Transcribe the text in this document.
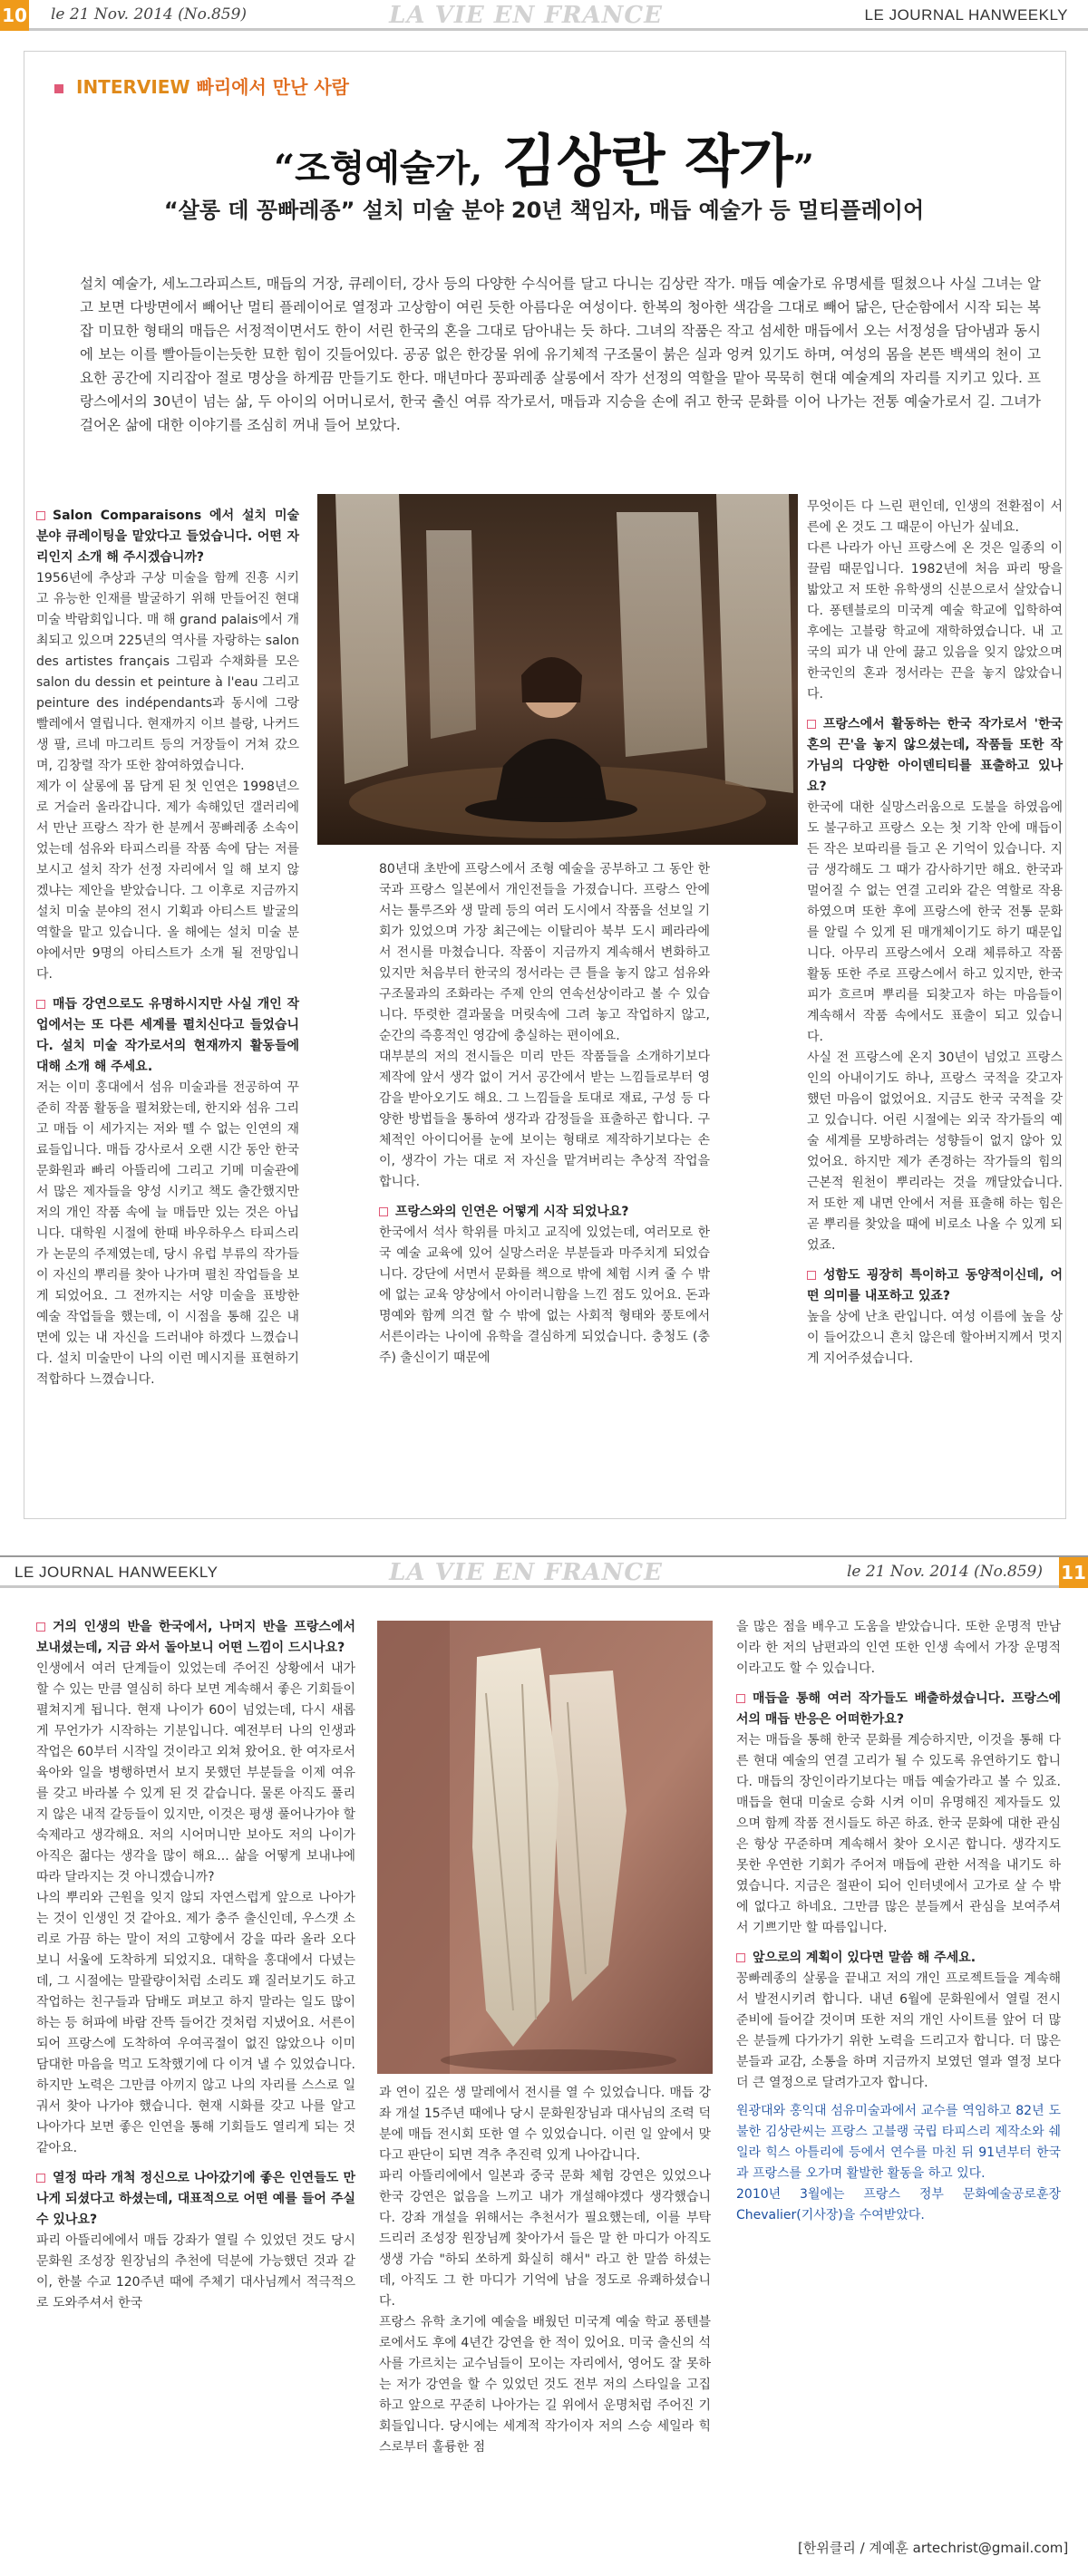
10 le 21 Nov. 2014 (No.859)	LA VIE EN FRANCE	LE JOURNAL HANWEEKLY
INTERVIEW 빠리에서 만난 사람
“조형예술가, 김상란 작가”
“살롱 데 꽁빠레종” 설치 미술 분야 20년 책임자, 매듭 예술가 등 멀티플레이어
설치 예술가, 세노그라피스트, 매듭의 거장, 큐레이터, 강사 등의 다양한 수식어를 달고 다니는 김상란 작가. 매듭 예술가로 유명세를 떨쳤으나 사실 그녀는 알고 보면 다방면에서 빼어난 멀티 플레이어로 열정과 고상함이 여린 듯한 아름다운 여성이다. 한복의 청아한 색감을 그대로 빼어 닮은, 단순함에서 시작 되는 복잡 미묘한 형태의 매듭은 서정적이면서도 한이 서린 한국의 혼을 그대로 담아내는 듯 하다. 그녀의 작품은 작고 섬세한 매듭에서 오는 서정성을 담아냄과 동시에 보는 이를 빨아들이는듯한 묘한 힘이 깃들어있다. 공공 없은 한강물 위에 유기체적 구조물이 붉은 실과 엉켜 있기도 하며, 여성의 몸을 본뜬 백색의 천이 고요한 공간에 지리잡아 절로 명상을 하게끔 만들기도 한다. 매년마다 꽁파레종 살롱에서 작가 선정의 역할을 맡아 묵묵히 현대 예술계의 자리를 지키고 있다. 프랑스에서의 30년이 넘는 삶, 두 아이의 어머니로서, 한국 출신 여류 작가로서, 매듭과 지승을 손에 쥐고 한국 문화를 이어 나가는 전통 예술가로서 길. 그녀가 걸어온 삶에 대한 이야기를 조심히 꺼내 들어 보았다.

Salon Comparaisons 에서 설치 미술 분야 큐레이팅을 맡았다고 들었습니다. 어떤 자리인지 소개 해 주시겠습니까?

1956년에 추상과 구상 미술을 함께 진흥 시키고 유능한 인재를 발굴하기 위해 만들어진 현대 미술 박람회입니다. 매 해 grand palais에서 개최되고 있으며 225년의 역사를 자랑하는 salon des artistes français 그림과 수채화를 모은 salon du dessin et peinture à l'eau 그리고 peinture des indépendants과 동시에 그랑빨레에서 열립니다. 현재까지 이브 블랑, 나커드 생 팔, 르네 마그리트 등의 거장들이 거쳐 갔으며, 김창렬 작가 또한 참여하였습니다.

제가 이 살롱에 몸 담게 된 첫 인연은 1998년으로 거슬러 올라갑니다. 제가 속해있던 갤러리에서 만난 프랑스 작가 한 분께서 꽁빠레종 소속이었는데 섬유와 타피스리를 작품 속에 담는 저를 보시고 설치 작가 선정 자리에서 일 해 보지 않겠냐는 제안을 받았습니다. 그 이후로 지금까지 설치 미술 분야의 전시 기획과 아티스트 발굴의 역할을 맡고 있습니다. 올 해에는 설치 미술 분야에서만 9명의 아티스트가 소개 될 전망입니다.

매듭 강연으로도 유명하시지만 사실 개인 작업에서는 또 다른 세계를 펼치신다고 들었습니다. 설치 미술 작가로서의 현재까지 활동들에 대해 소개 해 주세요.

저는 이미 홍대에서 섬유 미술과를 전공하여 꾸준히 작품 활동을 펼쳐왔는데, 한지와 섬유 그리고 매듭 이 세가지는 저와 뗄 수 없는 인연의 재료들입니다. 매듭 강사로서 오랜 시간 동안 한국 문화원과 빠리 아뜰리에 그리고 기메 미술관에서 많은 제자들을 양성 시키고 책도 출간했지만 저의 개인 작품 속에 늘 매듭만 있는 것은 아닙니다. 대학원 시절에 한때 바우하우스 타피스리가 논문의 주제였는데, 당시 유럽 부류의 작가들이 자신의 뿌리를 찾아 나가며 펼친 작업들을 보게 되었어요. 그 전까지는 서양 미술을 표방한 예술 작업들을 했는데, 이 시점을 통해 깊은 내면에 있는 내 자신을 드러내야 하겠다 느꼈습니다. 설치 미술만이 나의 이런 메시지를 표현하기 적합하다 느꼈습니다.

80년대 초반에 프랑스에서 조형 예술을 공부하고 그 동안 한국과 프랑스 일본에서 개인전들을 가졌습니다. 프랑스 안에서는 툴루즈와 생 말레 등의 여러 도시에서 작품을 선보일 기회가 있었으며 가장 최근에는 이탈리아 북부 도시 페라라에서 전시를 마쳤습니다. 작품이 지금까지 계속해서 변화하고 있지만 처음부터 한국의 정서라는 큰 틀을 놓지 않고 섬유와 구조물과의 조화라는 주제 안의 연속선상이라고 볼 수 있습니다. 뚜렷한 결과물을 머릿속에 그려 놓고 작업하지 않고, 순간의 즉흥적인 영감에 충실하는 편이에요.

대부분의 저의 전시들은 미리 만든 작품들을 소개하기보다 제작에 앞서 생각 없이 거서 공간에서 받는 느낌들로부터 영감을 받아오기도 해요. 그 느낌들을 토대로 재료, 구성 등 다양한 방법들을 통하여 생각과 감정들을 표출하곤 합니다. 구체적인 아이디어를 눈에 보이는 형태로 제작하기보다는 손이, 생각이 가는 대로 저 자신을 맡겨버리는 추상적 작업을 합니다.

프랑스와의 인연은 어떻게 시작 되었나요?

한국에서 석사 학위를 마치고 교직에 있었는데, 여러모로 한국 예술 교육에 있어 실망스러운 부분들과 마주치게 되었습니다. 강단에 서면서 문화를 책으로 밖에 체험 시켜 줄 수 밖에 없는 교육 양상에서 아이러니함을 느낀 점도 있어요. 돈과 명예와 함께 의견 할 수 밖에 없는 사회적 형태와 풍토에서 서른이라는 나이에 유학을 결심하게 되었습니다. 충청도 (충주) 출신이기 때문에

무엇이든 다 느린 편인데, 인생의 전환점이 서른에 온 것도 그 때문이 아닌가 싶네요.

다른 나라가 아닌 프랑스에 온 것은 일종의 이끌림 때문입니다. 1982년에 처음 파리 땅을 밟았고 저 또한 유학생의 신분으로서 살았습니다. 퐁텐블로의 미국계 예술 학교에 입학하여 후에는 고블랑 학교에 재학하였습니다. 내 고국의 피가 내 안에 끓고 있음을 잊지 않았으며 한국인의 혼과 정서라는 끈을 놓지 않았습니다.

프랑스에서 활동하는 한국 작가로서 '한국 혼의 끈'을 놓지 않으셨는데, 작품들 또한 작가님의 다양한 아이덴티티를 표출하고 있나요?

한국에 대한 실망스러움으로 도불을 하였음에도 불구하고 프랑스 오는 첫 기착 안에 매듭이 든 작은 보따리를 들고 온 기억이 있습니다. 지금 생각해도 그 때가 감사하기만 해요. 한국과 멀어질 수 없는 연결 고리와 같은 역할로 작용하였으며 또한 후에 프랑스에 한국 전통 문화를 알릴 수 있게 된 매개체이기도 하기 때문입니다. 아무리 프랑스에서 오래 체류하고 작품 활동 또한 주로 프랑스에서 하고 있지만, 한국 피가 흐르며 뿌리를 되찾고자 하는 마음들이 계속해서 작품 속에서도 표출이 되고 있습니다.

사실 전 프랑스에 온지 30년이 넘었고 프랑스인의 아내이기도 하나, 프랑스 국적을 갖고자 했던 마음이 없었어요. 지금도 한국 국적을 갖고 있습니다. 어린 시절에는 외국 작가들의 예술 세계를 모방하려는 성향들이 없지 않아 있었어요. 하지만 제가 존경하는 작가들의 힘의 근본적 원천이 뿌리라는 것을 깨달았습니다. 저 또한 제 내면 안에서 저를 표출해 하는 힘은 곧 뿌리를 찾았을 때에 비로소 나올 수 있게 되었죠.

성함도 굉장히 특이하고 동양적이신데, 어떤 의미를 내포하고 있죠?

높을 상에 난초 란입니다. 여성 이름에 높을 상이 들어갔으니 흔치 않은데 할아버지께서 멋지게 지어주셨습니다.

LE JOURNAL HANWEEKLY	LA VIE EN FRANCE	le 21 Nov. 2014 (No.859) 11

거의 인생의 반을 한국에서, 나머지 반을 프랑스에서 보내셨는데, 지금 와서 돌아보니 어떤 느낌이 드시나요?

인생에서 여러 단계들이 있었는데 주어진 상황에서 내가 할 수 있는 만큼 열심히 하다 보면 계속해서 좋은 기회들이 펼쳐지게 됩니다. 현재 나이가 60이 넘었는데, 다시 새롭게 무언가가 시작하는 기분입니다. 예전부터 나의 인생과 작업은 60부터 시작일 것이라고 외쳐 왔어요. 한 여자로서 육아와 일을 병행하면서 보지 못했던 부분들을 이제 여유를 갖고 바라볼 수 있게 된 것 같습니다. 물론 아직도 풀리지 않은 내적 갈등들이 있지만, 이것은 평생 풀어나가야 할 숙제라고 생각해요. 저의 시어머니만 보아도 저의 나이가 아직은 젊다는 생각을 많이 해요... 삶을 어떻게 보내냐에 따라 달라지는 것 아니겠습니까?

나의 뿌리와 근원을 잊지 않되 자연스럽게 앞으로 나아가는 것이 인생인 것 같아요. 제가 충주 출신인데, 우스갯 소리로 가끔 하는 말이 저의 고향에서 강을 따라 올라 오다 보니 서울에 도착하게 되었지요. 대학을 홍대에서 다녔는데, 그 시절에는 말괄량이처럼 소리도 꽤 질러보기도 하고 작업하는 친구들과 담배도 펴보고 하지 말라는 일도 많이 하는 등 허파에 바람 잔뜩 들어간 것처럼 지냈어요. 서른이 되어 프랑스에 도착하여 우여곡절이 없진 않았으나 이미 담대한 마음을 먹고 도착했기에 다 이겨 낼 수 있었습니다. 하지만 노력은 그만큼 아끼지 않고 나의 자리를 스스로 일궈서 찾아 나가야 했습니다. 현재 시화를 갖고 나를 알고 나아가다 보면 좋은 인연을 통해 기회들도 열리게 되는 것 같아요.

열정 따라 개척 정신으로 나아갔기에 좋은 인연들도 만나게 되셨다고 하셨는데, 대표적으로 어떤 예를 들어 주실 수 있나요?

파리 아뜰리에에서 매듭 강좌가 열릴 수 있었던 것도 당시 문화원 조성장 원장님의 추천에 덕분에 가능했던 것과 같이, 한불 수교 120주년 때에 주체기 대사님께서 적극적으로 도와주셔서 한국

과 연이 깊은 생 말레에서 전시를 열 수 있었습니다. 매듭 강좌 개설 15주년 때에나 당시 문화원장님과 대사님의 조력 덕분에 매듭 전시회 또한 열 수 있었습니다. 이런 일 앞에서 맞다고 판단이 되면 격추 추진력 있게 나아갑니다.

파리 아뜰리에에서 일본과 중국 문화 체험 강연은 있었으나 한국 강연은 없음을 느끼고 내가 개설해야겠다 생각했습니다. 강좌 개설을 위해서는 추천서가 필요했는데, 이를 부탁 드리러 조성장 원장님께 찾아가서 들은 말 한 마디가 아직도 생생 가슴 "하되 쏘하게 화실히 해서" 라고 한 말씀 하셨는데, 아직도 그 한 마디가 기억에 남을 정도로 유쾌하셨습니다.

프랑스 유학 초기에 예술을 배웠던 미국계 예술 학교 퐁텐블로에서도 후에 4년간 강연을 한 적이 있어요. 미국 출신의 석사를 가르치는 교수님들이 모이는 자리에서, 영어도 잘 못하는 저가 강연을 할 수 있었던 것도 전부 저의 스타일을 고집하고 앞으로 꾸준히 나아가는 길 위에서 운명처럼 주어진 기회들입니다. 당시에는 세계적 작가이자 저의 스승 세일라 힉스로부터 훌륭한 점

을 많은 점을 배우고 도움을 받았습니다. 또한 운명적 만남이라 한 저의 남편과의 인연 또한 인생 속에서 가장 운명적이라고도 할 수 있습니다.

매듭을 통해 여러 작가들도 배출하셨습니다. 프랑스에서의 매듭 반응은 어떠한가요?

저는 매듭을 통해 한국 문화를 계승하지만, 이것을 통해 다른 현대 예술의 연결 고리가 될 수 있도록 유연하기도 합니다. 매듭의 장인이라기보다는 매듭 예술가라고 볼 수 있죠. 매듭을 현대 미술로 승화 시켜 이미 유명해진 제자들도 있으며 함께 작품 전시들도 하곤 하죠. 한국 문화에 대한 관심은 항상 꾸준하며 계속해서 찾아 오시곤 합니다. 생각지도 못한 우연한 기회가 주어져 매듭에 관한 서적을 내기도 하였습니다. 지금은 절판이 되어 인터넷에서 고가로 살 수 밖에 없다고 하네요. 그만큼 많은 분들께서 관심을 보여주셔서 기쁘기만 할 따름입니다.

앞으로의 계획이 있다면 말씀 해 주세요.

꽁빠레종의 살롱을 끝내고 저의 개인 프로젝트들을 계속해서 발전시키려 합니다. 내년 6월에 문화원에서 열릴 전시 준비에 들어갈 것이며 또한 저의 개인 사이트를 앞어 더 많은 분들께 다가가기 위한 노력을 드리고자 합니다. 더 많은 분들과 교감, 소통을 하며 지금까지 보였던 열과 열정 보다 더 큰 열정으로 달려가고자 합니다.

원광대와 홍익대 섬유미술과에서 교수를 역임하고 82년 도불한 김상란씨는 프랑스 고블랭 국립 타피스리 제작소와 쉐일라 힉스 아틀리에 등에서 연수를 마친 뒤 91년부터 한국과 프랑스를 오가며 활발한 활동을 하고 있다.

2010년 3월에는 프랑스 정부 문화예술공로훈장 Chevalier(기사장)을 수여받았다.

[한위클리 / 계예훈 artechrist@gmail.com]
